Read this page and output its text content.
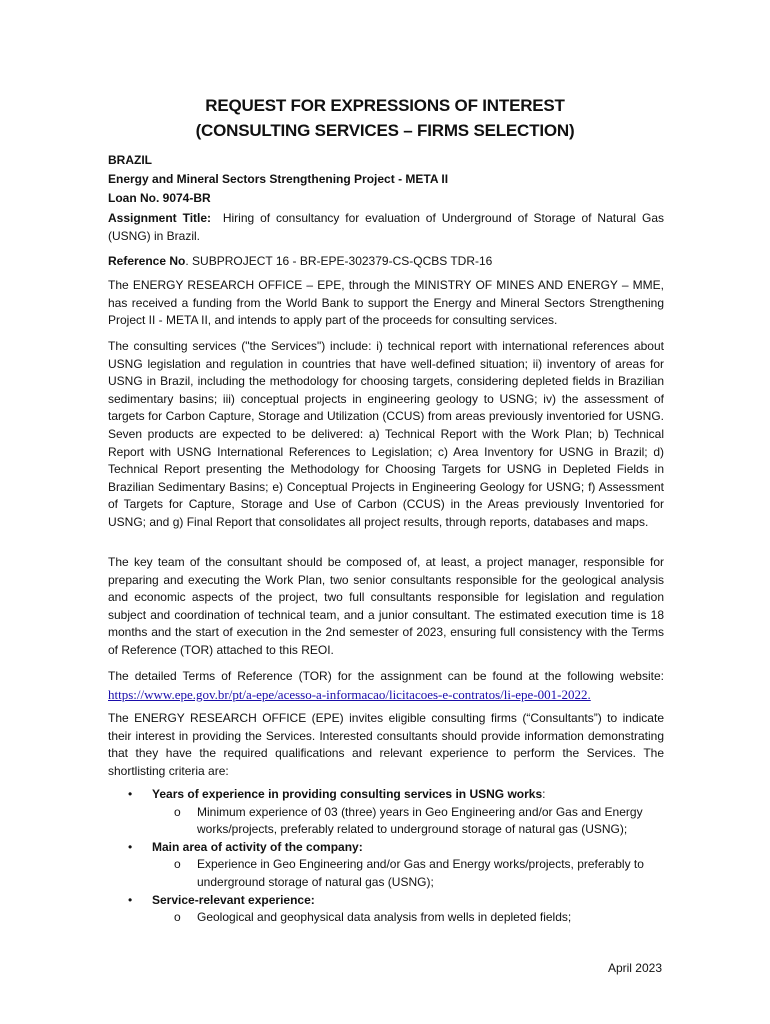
REQUEST FOR EXPRESSIONS OF INTEREST
(CONSULTING SERVICES – FIRMS SELECTION)
BRAZIL
Energy and Mineral Sectors Strengthening Project - META II
Loan No. 9074-BR
Assignment Title: Hiring of consultancy for evaluation of Underground of Storage of Natural Gas (USNG) in Brazil.
Reference No. SUBPROJECT 16 - BR-EPE-302379-CS-QCBS TDR-16
The ENERGY RESEARCH OFFICE – EPE, through the MINISTRY OF MINES AND ENERGY – MME, has received a funding from the World Bank to support the Energy and Mineral Sectors Strengthening Project II - META II, and intends to apply part of the proceeds for consulting services.
The consulting services ("the Services") include: i) technical report with international references about USNG legislation and regulation in countries that have well-defined situation; ii) inventory of areas for USNG in Brazil, including the methodology for choosing targets, considering depleted fields in Brazilian sedimentary basins; iii) conceptual projects in engineering geology to USNG; iv) the assessment of targets for Carbon Capture, Storage and Utilization (CCUS) from areas previously inventoried for USNG. Seven products are expected to be delivered: a) Technical Report with the Work Plan; b) Technical Report with USNG International References to Legislation; c) Area Inventory for USNG in Brazil; d) Technical Report presenting the Methodology for Choosing Targets for USNG in Depleted Fields in Brazilian Sedimentary Basins; e) Conceptual Projects in Engineering Geology for USNG; f) Assessment of Targets for Capture, Storage and Use of Carbon (CCUS) in the Areas previously Inventoried for USNG; and g) Final Report that consolidates all project results, through reports, databases and maps.
The key team of the consultant should be composed of, at least, a project manager, responsible for preparing and executing the Work Plan, two senior consultants responsible for the geological analysis and economic aspects of the project, two full consultants responsible for legislation and regulation subject and coordination of technical team, and a junior consultant. The estimated execution time is 18 months and the start of execution in the 2nd semester of 2023, ensuring full consistency with the Terms of Reference (TOR) attached to this REOI.
The detailed Terms of Reference (TOR) for the assignment can be found at the following website: https://www.epe.gov.br/pt/a-epe/acesso-a-informacao/licitacoes-e-contratos/li-epe-001-2022.
The ENERGY RESEARCH OFFICE (EPE) invites eligible consulting firms (“Consultants”) to indicate their interest in providing the Services. Interested consultants should provide information demonstrating that they have the required qualifications and relevant experience to perform the Services. The shortlisting criteria are:
• Years of experience in providing consulting services in USNG works:
o Minimum experience of 03 (three) years in Geo Engineering and/or Gas and Energy works/projects, preferably related to underground storage of natural gas (USNG);
• Main area of activity of the company:
o Experience in Geo Engineering and/or Gas and Energy works/projects, preferably to underground storage of natural gas (USNG);
• Service-relevant experience:
o Geological and geophysical data analysis from wells in depleted fields;
April 2023
